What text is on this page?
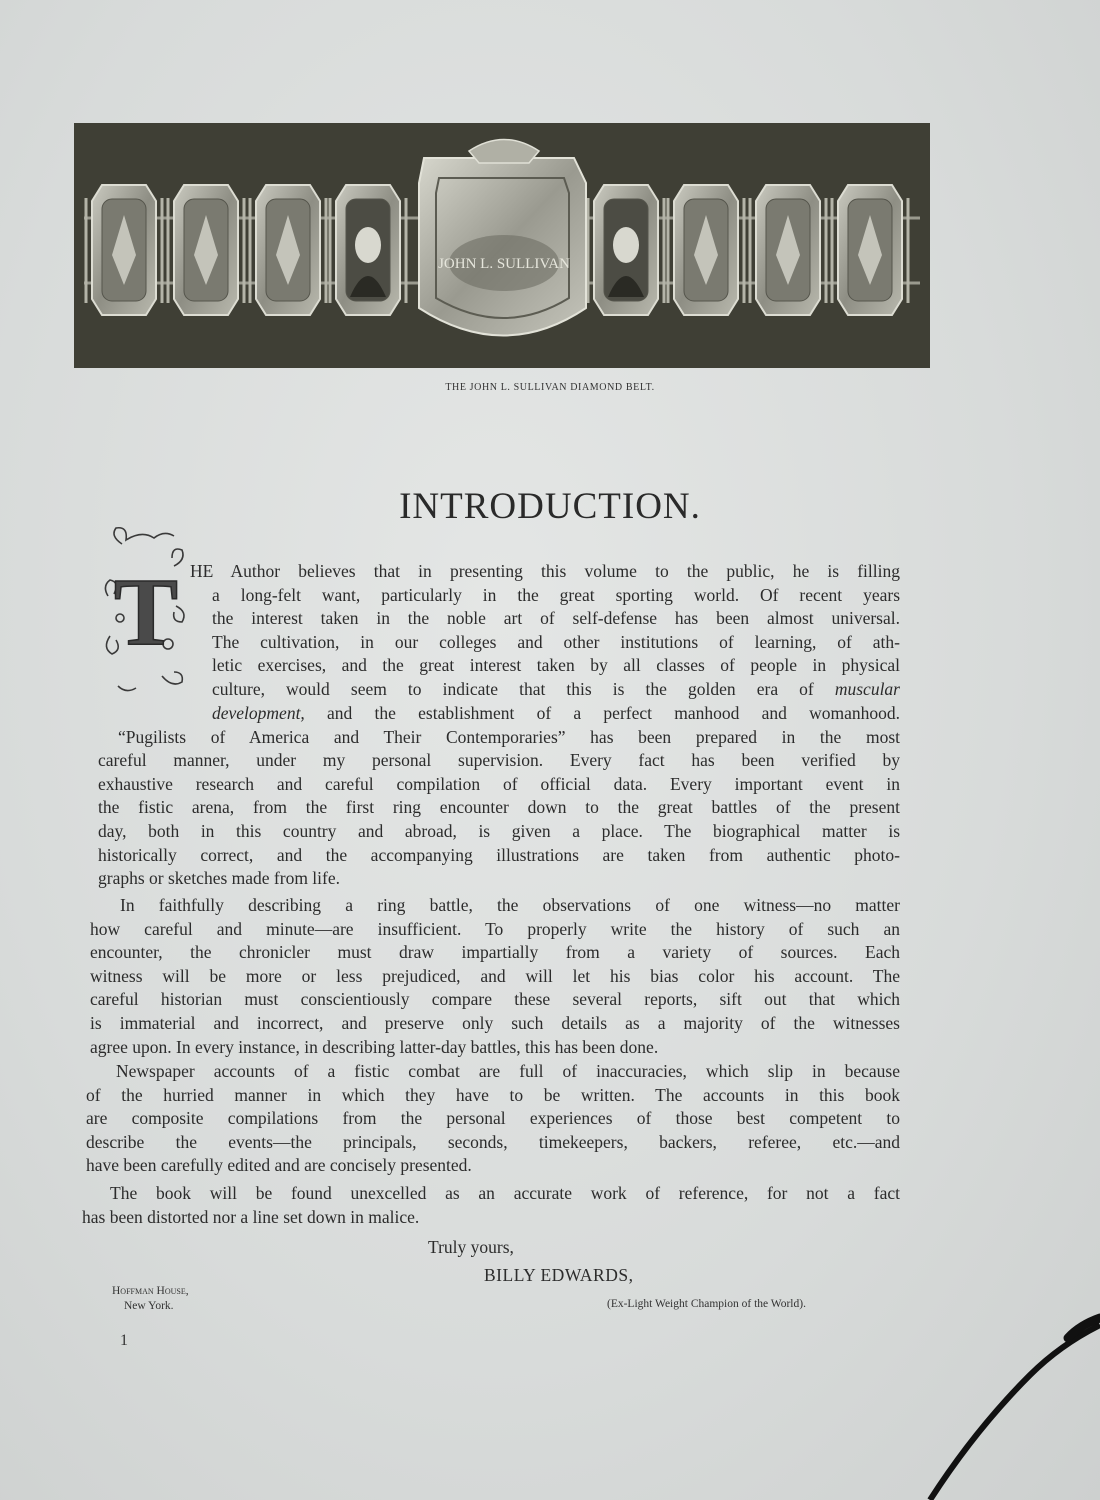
JOHN L. SULLIVAN
THE JOHN L. SULLIVAN DIAMOND BELT.
INTRODUCTION.
T HE Author believes that in presenting this volume to the public, he is filling
a long-felt want, particularly in the great sporting world. Of recent years
the interest taken in the noble art of self-defense has been almost universal.
The cultivation, in our colleges and other institutions of learning, of ath-
letic exercises, and the great interest taken by all classes of people in physical
culture, would seem to indicate that this is the golden era of muscular
development, and the establishment of a perfect manhood and womanhood.
“Pugilists of America and Their Contemporaries” has been prepared in the most
careful manner, under my personal supervision. Every fact has been verified by
exhaustive research and careful compilation of official data. Every important event in
the fistic arena, from the first ring encounter down to the great battles of the present
day, both in this country and abroad, is given a place. The biographical matter is
historically correct, and the accompanying illustrations are taken from authentic photo-
graphs or sketches made from life.
In faithfully describing a ring battle, the observations of one witness—no matter
how careful and minute—are insufficient. To properly write the history of such an
encounter, the chronicler must draw impartially from a variety of sources. Each
witness will be more or less prejudiced, and will let his bias color his account. The
careful historian must conscientiously compare these several reports, sift out that which
is immaterial and incorrect, and preserve only such details as a majority of the witnesses
agree upon. In every instance, in describing latter-day battles, this has been done.
Newspaper accounts of a fistic combat are full of inaccuracies, which slip in because
of the hurried manner in which they have to be written. The accounts in this book
are composite compilations from the personal experiences of those best competent to
describe the events—the principals, seconds, timekeepers, backers, referee, etc.—and
have been carefully edited and are concisely presented.
The book will be found unexcelled as an accurate work of reference, for not a fact
has been distorted nor a line set down in malice.
Truly yours,
BILLY EDWARDS,
(Ex-Light Weight Champion of the World).
Hoffman House,
New York.
1
